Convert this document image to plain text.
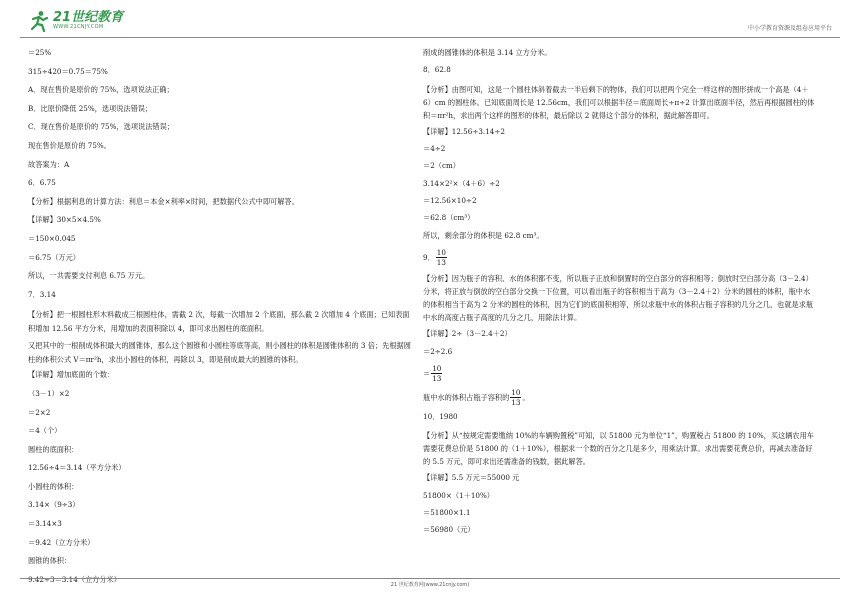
21世纪教育
WWW.21CNJY.COM	中小学教育资源及组卷应用平台
＝25%
315÷420＝0.75＝75%
A．现在售价是原价的 75%，选项说法正确；
B．比原价降低 25%，选项说法错误；
C．现在售价是原价的 75%，选项说法错误；
现在售价是原价的 75%。
故答案为：A
6．6.75
【分析】根据利息的计算方法：利息＝本金×利率×时间，把数据代公式中即可解答。
【详解】30×5×4.5%
＝150×0.045
＝6.75（万元）
所以，一共需要支付利息 6.75 万元。
7．3.14
【分析】把一根圆柱形木料截成三根圆柱体，需截 2 次，每截一次增加 2 个底面，那么截 2 次增加 4 个底面；已知表面积增加 12.56 平方分米，用增加的表面积除以 4，即可求出圆柱的底面积。
又把其中的一根削成体积最大的圆锥体，那么这个圆锥和小圆柱等底等高，则小圆柱的体积是圆锥体积的 3 倍；先根据圆柱的体积公式 V＝πr²h，求出小圆柱的体积，再除以 3，即是削成最大的圆锥的体积。
【详解】增加底面的个数：
（3－1）×2
＝2×2
＝4（个）
圆柱的底面积：
12.56÷4＝3.14（平方分米）
小圆柱的体积：
3.14×（9÷3）
＝3.14×3
＝9.42（立方分米）
圆锥的体积：
9.42÷3＝3.14（立方分米）
削成的圆锥体的体积是 3.14 立方分米。
8．62.8
【分析】由图可知，这是一个圆柱体斜着截去一半后剩下的物体，我们可以把两个完全一样这样的图形拼成一个高是（4＋6）cm 的圆柱体。已知底面周长是 12.56cm，我们可以根据半径＝底面周长÷π÷2 计算出底面半径，然后再根据圆柱的体积＝πr²h，求出两个这样的图形的体积，最后除以 2 就得这个部分的体积，据此解答即可。
【详解】12.56÷3.14÷2
＝4÷2
＝2（cm）
3.14×2²×（4＋6）÷2
＝12.56×10÷2
＝62.8（cm³）
所以，剩余部分的体积是 62.8 cm³。
9． $\frac{10}{13}$
【分析】因为瓶子的容积、水的体积都不变，所以瓶子正放和倒置时的空白部分的容积相等；倒放时空白部分高（3－2.4）分米，将正放与倒放的空白部分交换一下位置，可以看出瓶子的容积相当于高为（3－2.4＋2）分米的圆柱的体积，瓶中水的体积相当于高为 2 分米的圆柱的体积，因为它们的底面积相等，所以求瓶中水的体积占瓶子容积的几分之几，也就是求瓶中水的高度占瓶子高度的几分之几，用除法计算。
【详解】2÷（3－2.4＋2）
＝2÷2.6
＝ $\frac{10}{13}$
瓶中水的体积占瓶子容积的 $\frac{10}{13}$ 。
10．1980
【分析】从“按规定需要缴纳 10%的车辆购置税”可知，以 51800 元为单位“1”，购置税占 51800 的 10%，买这辆农用车需要花费总价是 51800 的（1＋10%），根据求一个数的百分之几是多少，用乘法计算。求出需要花费总价，再减去准备好的 5.5 万元，即可求出还需准备的钱数，据此解答。
【详解】5.5 万元＝55000 元
51800×（1＋10%）
＝51800×1.1
＝56980（元）
21 世纪教育网(www.21cnjy.com)
